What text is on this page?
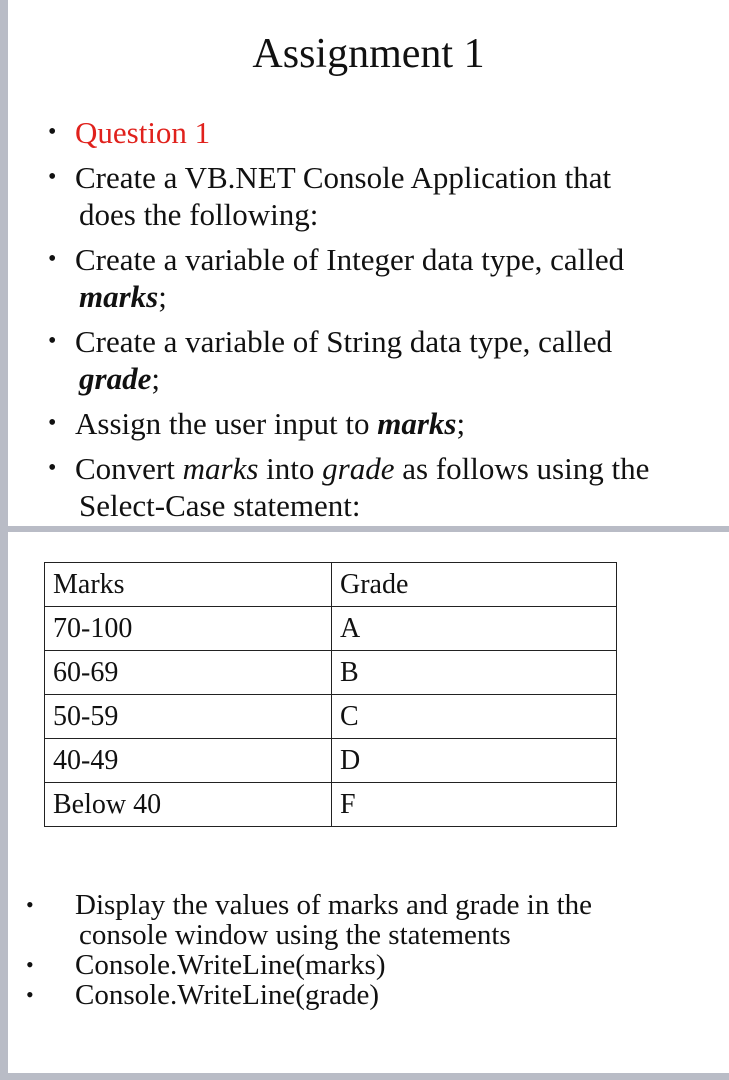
Assignment 1
• Question 1
• Create a VB.NET Console Application that
does the following:
• Create a variable of Integer data type, called
marks;
• Create a variable of String data type, called
grade;
• Assign the user input to marks;
• Convert marks into grade as follows using the
Select-Case statement:
Marks	Grade
70-100	A
60-69	B
50-59	C
40-49	D
Below 40	F
• Display the values of marks and grade in the
console window using the statements
• Console.WriteLine(marks)
• Console.WriteLine(grade)
